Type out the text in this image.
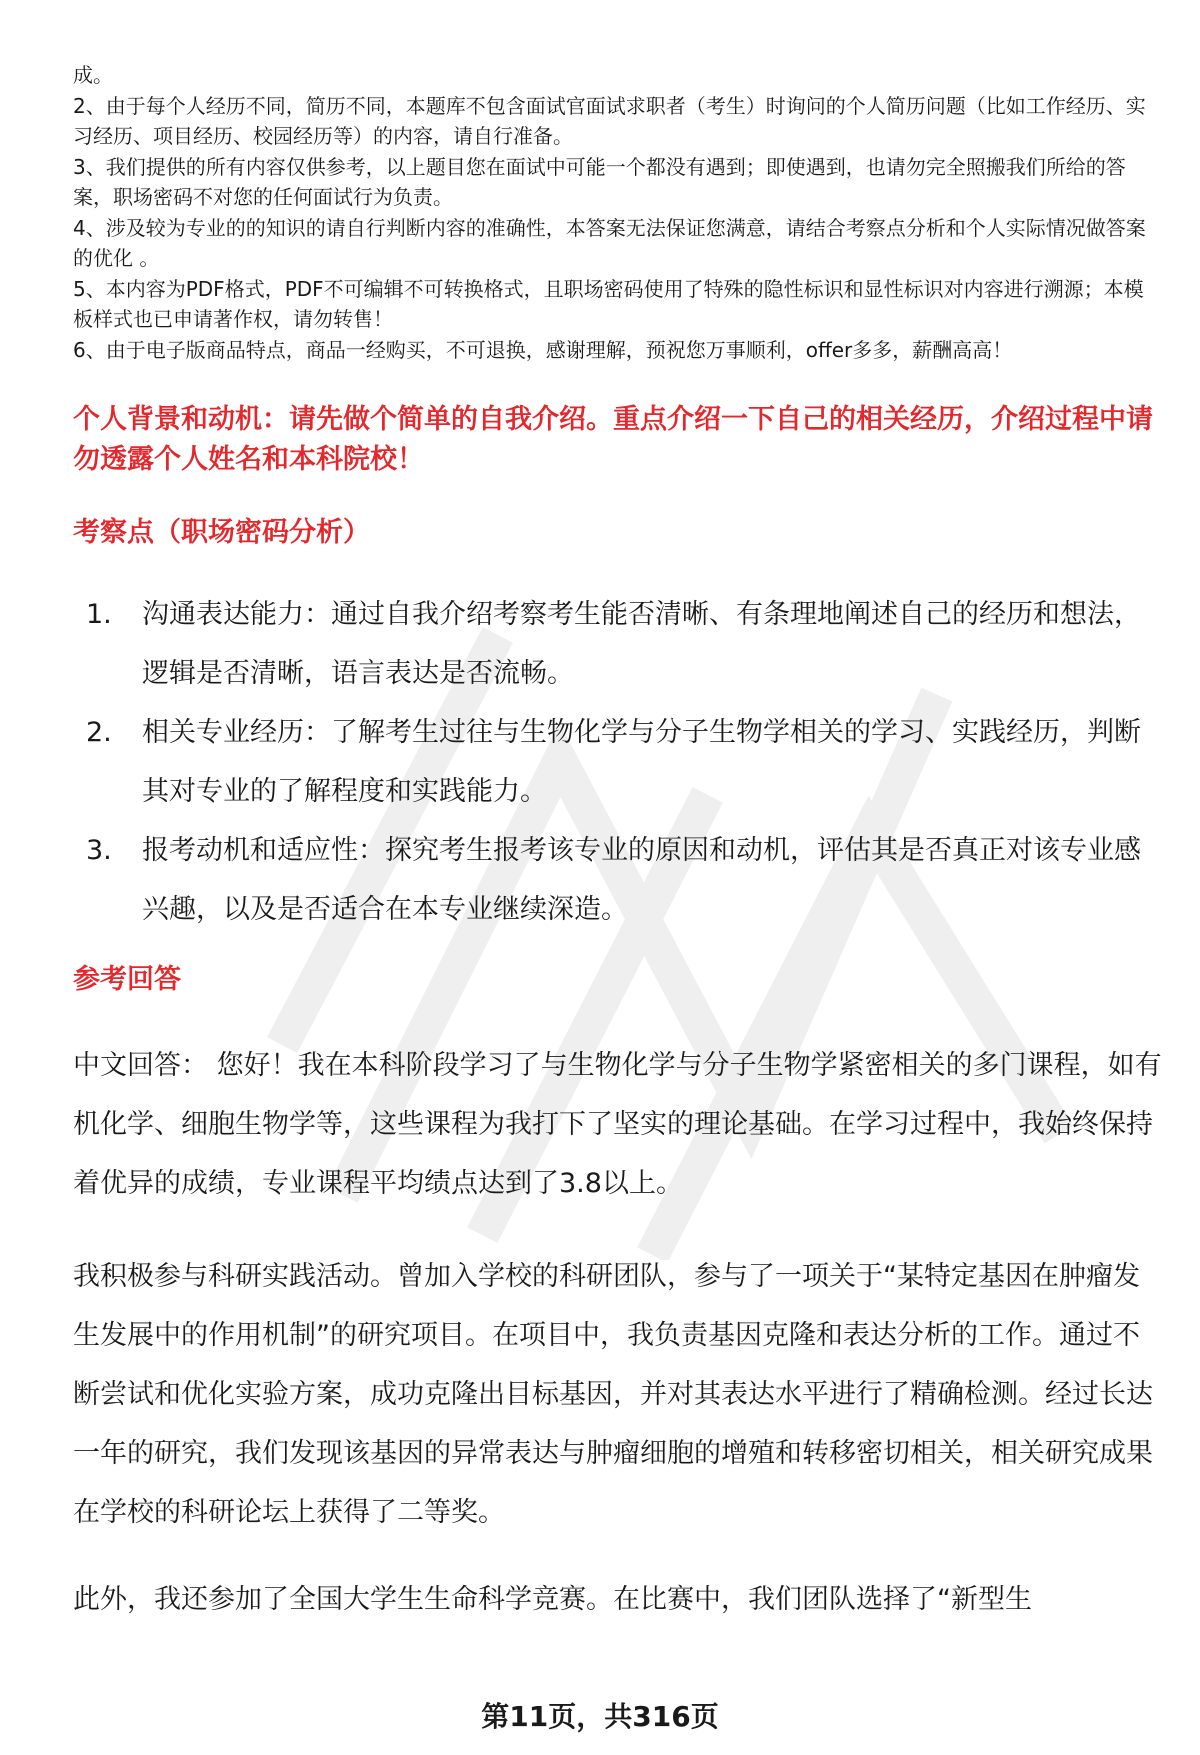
成。

2、由于每个人经历不同，简历不同，本题库不包含面试官面试求职者（考生）时询问的个人简历问题（比如工作经历、实习经历、项目经历、校园经历等）的内容，请自行准备。

3、我们提供的所有内容仅供参考，以上题目您在面试中可能一个都没有遇到；即使遇到，也请勿完全照搬我们所给的答案，职场密码不对您的任何面试行为负责。

4、涉及较为专业的的知识的请自行判断内容的准确性，本答案无法保证您满意，请结合考察点分析和个人实际情况做答案的优化 。

5、本内容为PDF格式，PDF不可编辑不可转换格式，且职场密码使用了特殊的隐性标识和显性标识对内容进行溯源；本模板样式也已申请著作权，请勿转售！

6、由于电子版商品特点，商品一经购买，不可退换，感谢理解，预祝您万事顺利，offer多多，薪酬高高！

个人背景和动机：请先做个简单的自我介绍。重点介绍一下自己的相关经历，介绍过程中请勿透露个人姓名和本科院校！
考察点（职场密码分析）
1.	沟通表达能力：通过自我介绍考察考生能否清晰、有条理地阐述自己的经历和想法，逻辑是否清晰，语言表达是否流畅。
2.	相关专业经历：了解考生过往与生物化学与分子生物学相关的学习、实践经历，判断其对专业的了解程度和实践能力。
3.	报考动机和适应性：探究考生报考该专业的原因和动机，评估其是否真正对该专业感兴趣，以及是否适合在本专业继续深造。
参考回答

中文回答： 您好！我在本科阶段学习了与生物化学与分子生物学紧密相关的多门课程，如有机化学、细胞生物学等，这些课程为我打下了坚实的理论基础。在学习过程中，我始终保持着优异的成绩，专业课程平均绩点达到了3.8以上。

我积极参与科研实践活动。曾加入学校的科研团队，参与了一项关于“某特定基因在肿瘤发生发展中的作用机制”的研究项目。在项目中，我负责基因克隆和表达分析的工作。通过不断尝试和优化实验方案，成功克隆出目标基因，并对其表达水平进行了精确检测。经过长达一年的研究，我们发现该基因的异常表达与肿瘤细胞的增殖和转移密切相关，相关研究成果在学校的科研论坛上获得了二等奖。

此外，我还参加了全国大学生生命科学竞赛。在比赛中，我们团队选择了“新型生

第11页，共316页
